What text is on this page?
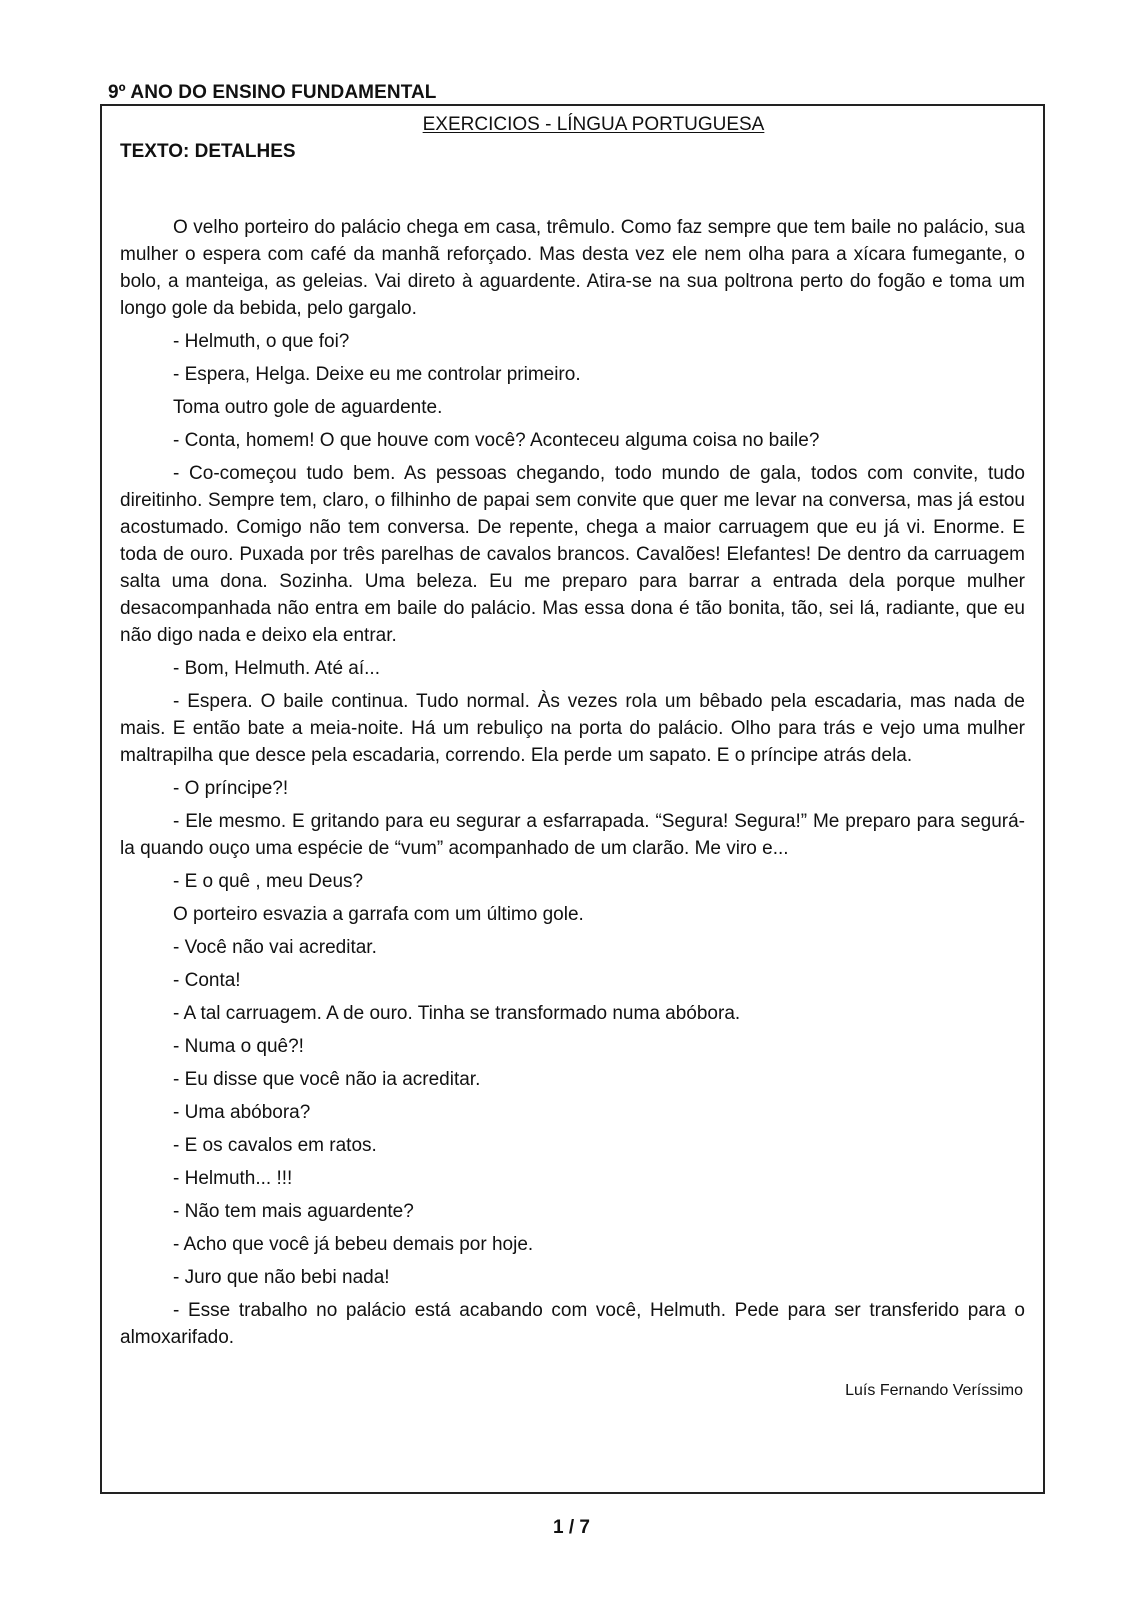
9º ANO DO ENSINO FUNDAMENTAL
EXERCICIOS - LÍNGUA PORTUGUESA
TEXTO: DETALHES

O velho porteiro do palácio chega em casa, trêmulo. Como faz sempre que tem baile no palácio, sua mulher o espera com café da manhã reforçado. Mas desta vez ele nem olha para a xícara fumegante, o bolo, a manteiga, as geleias. Vai direto à aguardente. Atira-se na sua poltrona perto do fogão e toma um longo gole da bebida, pelo gargalo.

- Helmuth, o que foi?

- Espera, Helga. Deixe eu me controlar primeiro.

Toma outro gole de aguardente.

- Conta, homem! O que houve com você? Aconteceu alguma coisa no baile?

- Co-começou tudo bem. As pessoas chegando, todo mundo de gala, todos com convite, tudo direitinho. Sempre tem, claro, o filhinho de papai sem convite que quer me levar na conversa, mas já estou acostumado. Comigo não tem conversa. De repente, chega a maior carruagem que eu já vi. Enorme. E toda de ouro. Puxada por três parelhas de cavalos brancos. Cavalões! Elefantes! De dentro da carruagem salta uma dona. Sozinha. Uma beleza. Eu me preparo para barrar a entrada dela porque mulher desacompanhada não entra em baile do palácio. Mas essa dona é tão bonita, tão, sei lá, radiante, que eu não digo nada e deixo ela entrar.

- Bom, Helmuth. Até aí...

- Espera. O baile continua. Tudo normal. Às vezes rola um bêbado pela escadaria, mas nada de mais. E então bate a meia-noite. Há um rebuliço na porta do palácio. Olho para trás e vejo uma mulher maltrapilha que desce pela escadaria, correndo. Ela perde um sapato. E o príncipe atrás dela.

- O príncipe?!

- Ele mesmo. E gritando para eu segurar a esfarrapada. “Segura! Segura!” Me preparo para segurá-la quando ouço uma espécie de “vum” acompanhado de um clarão. Me viro e...

- E o quê , meu Deus?

O porteiro esvazia a garrafa com um último gole.

- Você não vai acreditar.

- Conta!

- A tal carruagem. A de ouro. Tinha se transformado numa abóbora.

- Numa o quê?!

- Eu disse que você não ia acreditar.

- Uma abóbora?

- E os cavalos em ratos.

- Helmuth... !!!

- Não tem mais aguardente?

- Acho que você já bebeu demais por hoje.

- Juro que não bebi nada!

- Esse trabalho no palácio está acabando com você, Helmuth. Pede para ser transferido para o almoxarifado.

Luís Fernando Veríssimo
1 / 7
